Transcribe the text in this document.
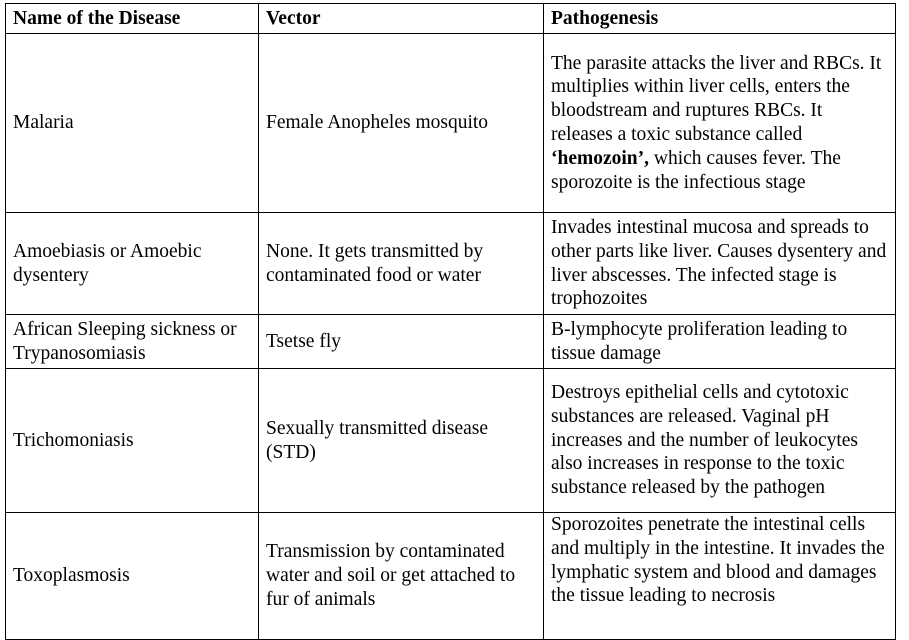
Name of the Disease	Vector	Pathogenesis
Malaria	Female Anopheles mosquito	The parasite attacks the liver and RBCs. It multiplies within liver cells, enters the bloodstream and ruptures RBCs. It releases a toxic substance called ‘hemozoin’, which causes fever. The sporozoite is the infectious stage
Amoebiasis or Amoebic dysentery	None. It gets transmitted by contaminated food or water	Invades intestinal mucosa and spreads to other parts like liver. Causes dysentery and liver abscesses. The infected stage is trophozoites
African Sleeping sickness or Trypanosomiasis	Tsetse fly	B-lymphocyte proliferation leading to tissue damage
Trichomoniasis	Sexually transmitted disease (STD)	Destroys epithelial cells and cytotoxic substances are released. Vaginal pH increases and the number of leukocytes also increases in response to the toxic substance released by the pathogen
Toxoplasmosis	Transmission by contaminated water and soil or get attached to fur of animals	Sporozoites penetrate the intestinal cells and multiply in the intestine. It invades the lymphatic system and blood and damages the tissue leading to necrosis
